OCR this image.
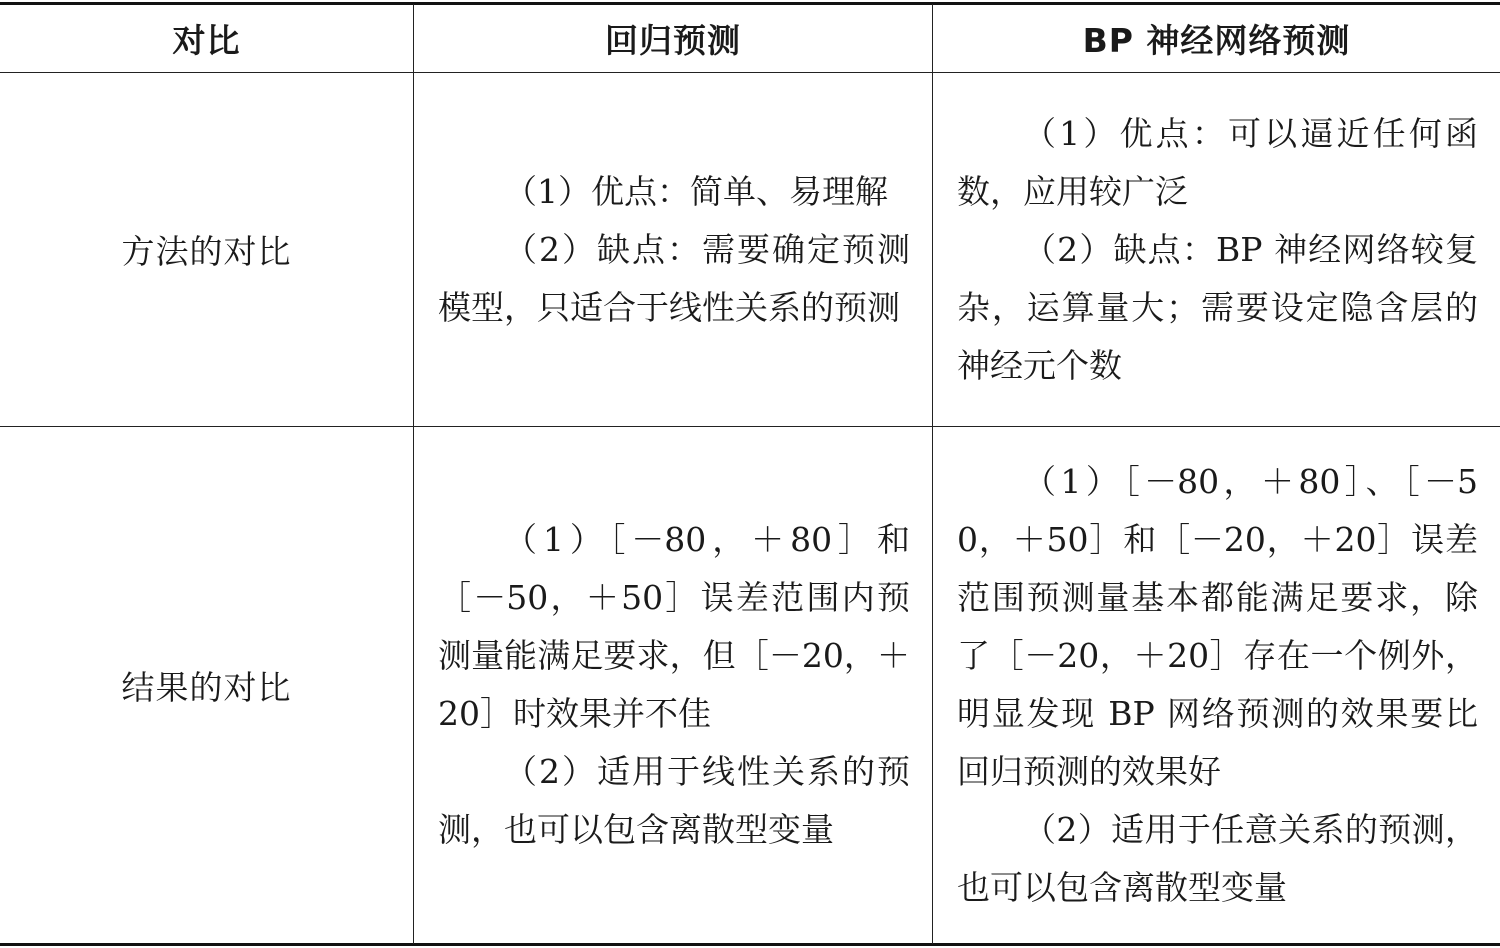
对比	回归预测	BP 神经网络预测
方法的对比

（1）优点：简单、易理解

（2）缺点：需要确定预测模型，只适合于线性关系的预测

（1）优点：可以逼近任何函数，应用较广泛

（2）缺点：BP 神经网络较复杂，运算量大；需要设定隐含层的神经元个数

结果的对比

（1）［－80，＋80］和［－50，＋50］误差范围内预测量能满足要求，但［－20，＋20］时效果并不佳

（2）适用于线性关系的预测，也可以包含离散型变量

（1）［－80，＋80］、［－50，＋50］和［－20，＋20］误差范围预测量基本都能满足要求，除了［－20，＋20］存在一个例外，明显发现 BP 网络预测的效果要比回归预测的效果好

（2）适用于任意关系的预测，也可以包含离散型变量
